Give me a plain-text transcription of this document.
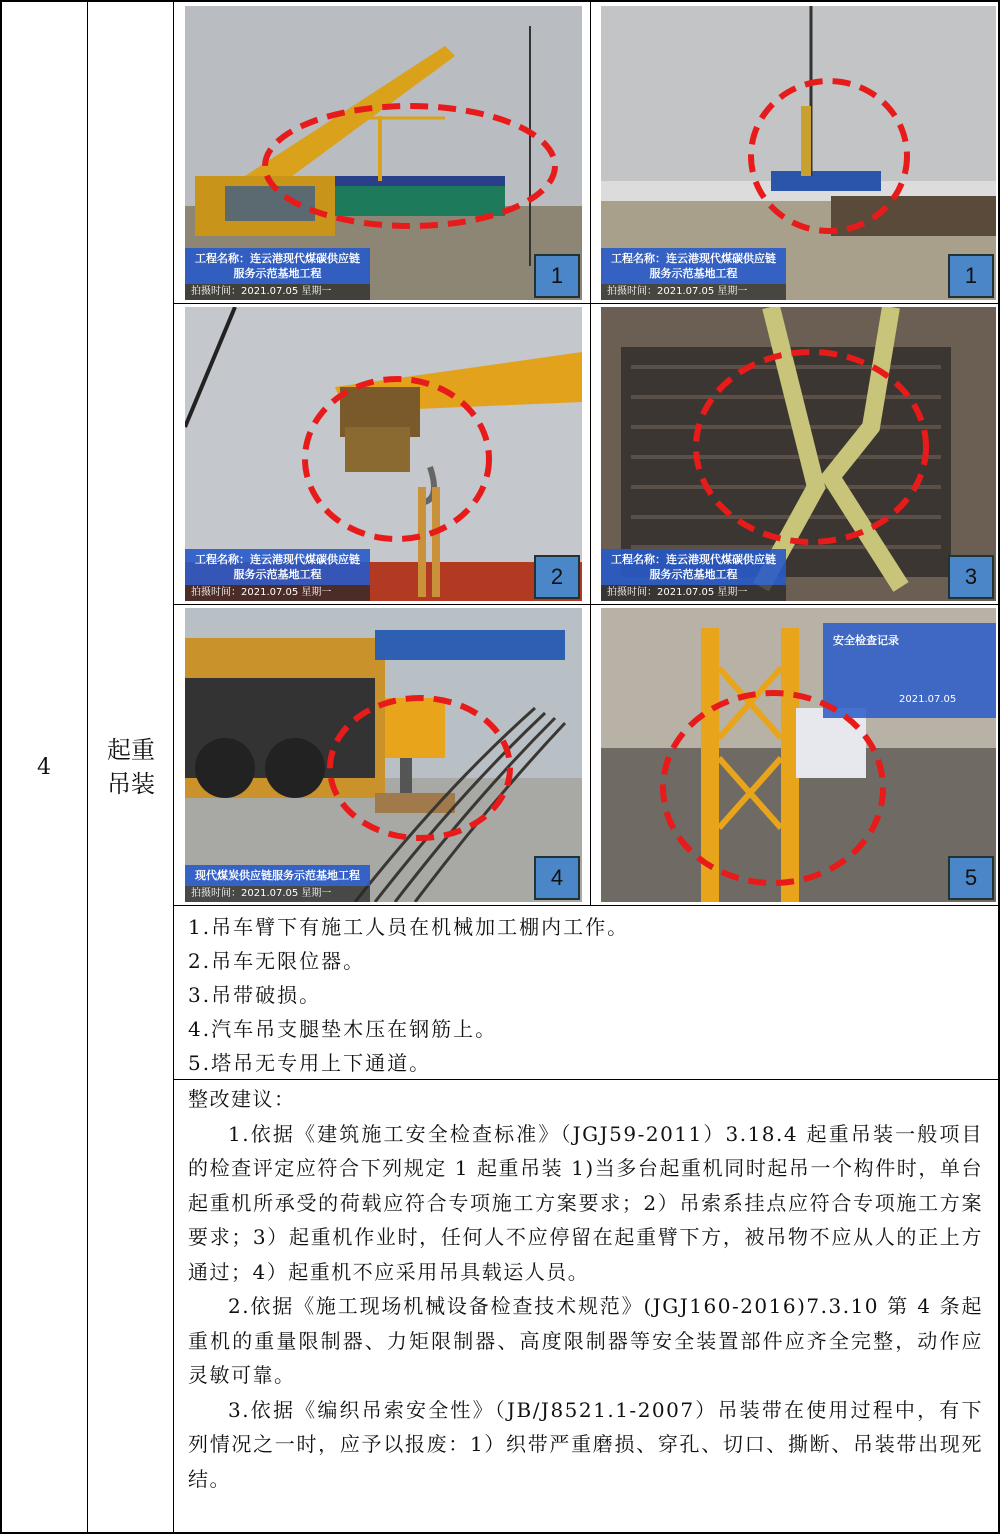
4
起重吊装
工程名称：连云港现代煤碳供应链服务示范基地工程
拍摄时间：2021.07.05 星期一
1
工程名称：连云港现代煤碳供应链服务示范基地工程
拍摄时间：2021.07.05 星期一
1
工程名称：连云港现代煤碳供应链服务示范基地工程
拍摄时间：2021.07.05 星期一
2
工程名称：连云港现代煤碳供应链服务示范基地工程
拍摄时间：2021.07.05 星期一
3
现代煤炭供应链服务示范基地工程
拍摄时间：2021.07.05 星期一
4
安全检查记录
2021.07.05
5
1.吊车臂下有施工人员在机械加工棚内工作。
2.吊车无限位器。
3.吊带破损。
4.汽车吊支腿垫木压在钢筋上。
5.塔吊无专用上下通道。
整改建议：

1.依据《建筑施工安全检查标准》（JGJ59-2011）3.18.4 起重吊装一般项目的检查评定应符合下列规定 1 起重吊装 1)当多台起重机同时起吊一个构件时，单台起重机所承受的荷载应符合专项施工方案要求；2）吊索系挂点应符合专项施工方案要求；3）起重机作业时，任何人不应停留在起重臂下方，被吊物不应从人的正上方通过；4）起重机不应采用吊具载运人员。

2.依据《施工现场机械设备检查技术规范》(JGJ160-2016)7.3.10 第 4 条起重机的重量限制器、力矩限制器、高度限制器等安全装置部件应齐全完整，动作应灵敏可靠。

3.依据《编织吊索安全性》（JB/J8521.1-2007）吊装带在使用过程中，有下列情况之一时，应予以报废：1）织带严重磨损、穿孔、切口、撕断、吊装带出现死结。
